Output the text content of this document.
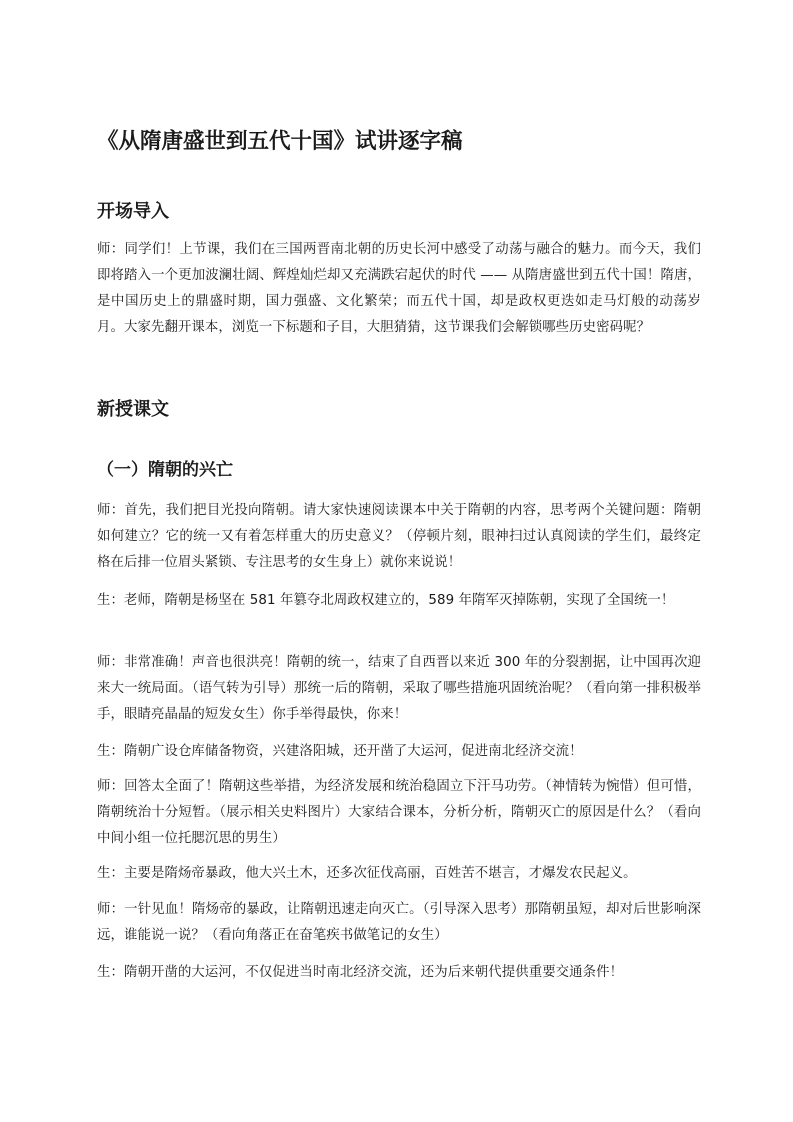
《从隋唐盛世到五代十国》试讲逐字稿
开场导入

师：同学们！上节课，我们在三国两晋南北朝的历史长河中感受了动荡与融合的魅力。而今天，我们即将踏入一个更加波澜壮阔、辉煌灿烂却又充满跌宕起伏的时代 —— 从隋唐盛世到五代十国！隋唐，是中国历史上的鼎盛时期，国力强盛、文化繁荣；而五代十国，却是政权更迭如走马灯般的动荡岁月。大家先翻开课本，浏览一下标题和子目，大胆猜猜，这节课我们会解锁哪些历史密码呢？

新授课文
（一）隋朝的兴亡

师：首先，我们把目光投向隋朝。请大家快速阅读课本中关于隋朝的内容，思考两个关键问题：隋朝如何建立？它的统一又有着怎样重大的历史意义？（停顿片刻，眼神扫过认真阅读的学生们，最终定格在后排一位眉头紧锁、专注思考的女生身上）就你来说说！

生：老师，隋朝是杨坚在 581 年篡夺北周政权建立的，589 年隋军灭掉陈朝，实现了全国统一！

师：非常准确！声音也很洪亮！隋朝的统一，结束了自西晋以来近 300 年的分裂割据，让中国再次迎来大一统局面。（语气转为引导）那统一后的隋朝，采取了哪些措施巩固统治呢？（看向第一排积极举手，眼睛亮晶晶的短发女生）你手举得最快，你来！

生：隋朝广设仓库储备物资，兴建洛阳城，还开凿了大运河，促进南北经济交流！

师：回答太全面了！隋朝这些举措，为经济发展和统治稳固立下汗马功劳。（神情转为惋惜）但可惜，隋朝统治十分短暂。（展示相关史料图片）大家结合课本，分析分析，隋朝灭亡的原因是什么？（看向中间小组一位托腮沉思的男生）

生：主要是隋炀帝暴政，他大兴土木，还多次征伐高丽，百姓苦不堪言，才爆发农民起义。

师：一针见血！隋炀帝的暴政，让隋朝迅速走向灭亡。（引导深入思考）那隋朝虽短，却对后世影响深远，谁能说一说？（看向角落正在奋笔疾书做笔记的女生）

生：隋朝开凿的大运河，不仅促进当时南北经济交流，还为后来朝代提供重要交通条件！
